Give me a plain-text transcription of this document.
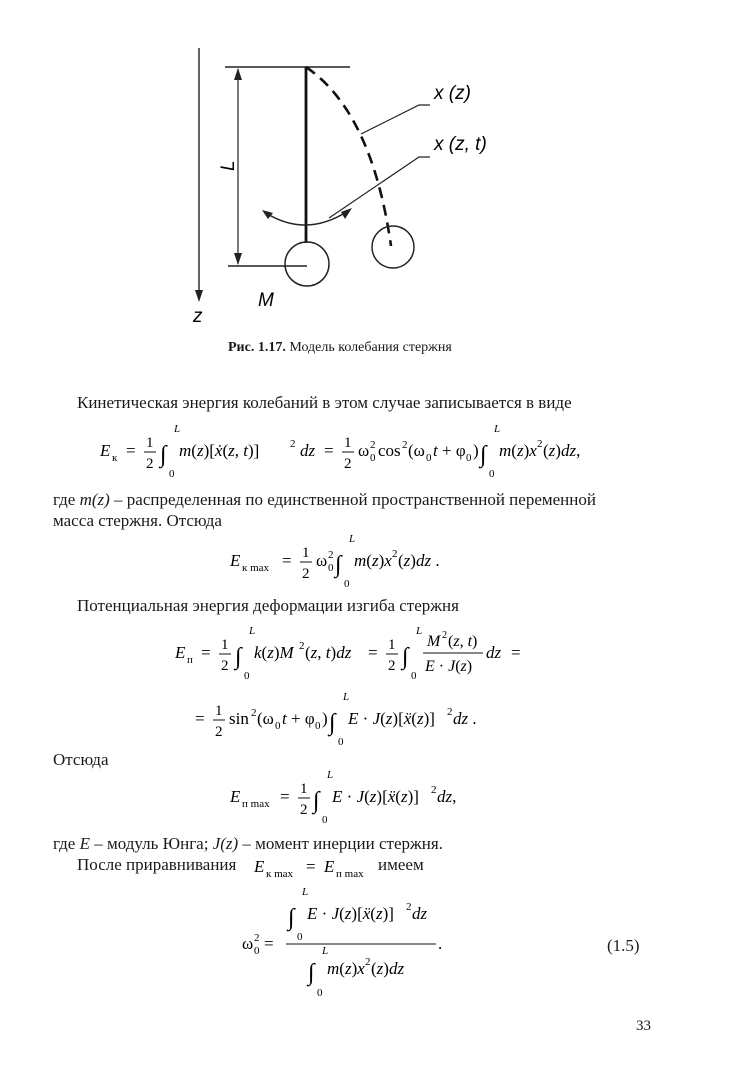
x (z)
x (z, t)
L
M
z
Рис. 1.17. Модель колебания стержня
Кинетическая энергия колебаний в этом случае записывается в виде
E к = 1
2 ∫
L
0
m(z)[ẋ(z, t)]	2 dz = 1
2
ω 0
2 cos 2 (ω 0 t + φ 0 ) ∫
L
0
m(z)x 2 (z)dz,
где m(z) – распределенная по единственной пространственной переменной
масса стержня. Отсюда
E к max = 1
2
ω 0
2 ∫
L
0
m(z)x 2 (z)dz .
Потенциальная энергия деформации изгиба стержня
E п = 1
2 ∫
L
0
k(z)M 2 (z, t)dz = 1
2 ∫
L
0
M 2 (z, t)
E · J(z)
dz =
= 1
2
sin 2 (ω 0 t + φ 0 ) ∫
L
0
E · J(z)[ẍ(z)] 2 dz .
Отсюда
E п max = 1
2 ∫
L
0
E · J(z)[ẍ(z)] 2 dz,
где E – модуль Юнга; J(z) – момент инерции стержня.
После приравнивания E к max = E п max имеем
ω 0
2 =
∫
L
0
E · J(z)[ẍ(z)] 2 dz
.
∫
L
0
m(z)x 2 (z)dz
(1.5)
33
